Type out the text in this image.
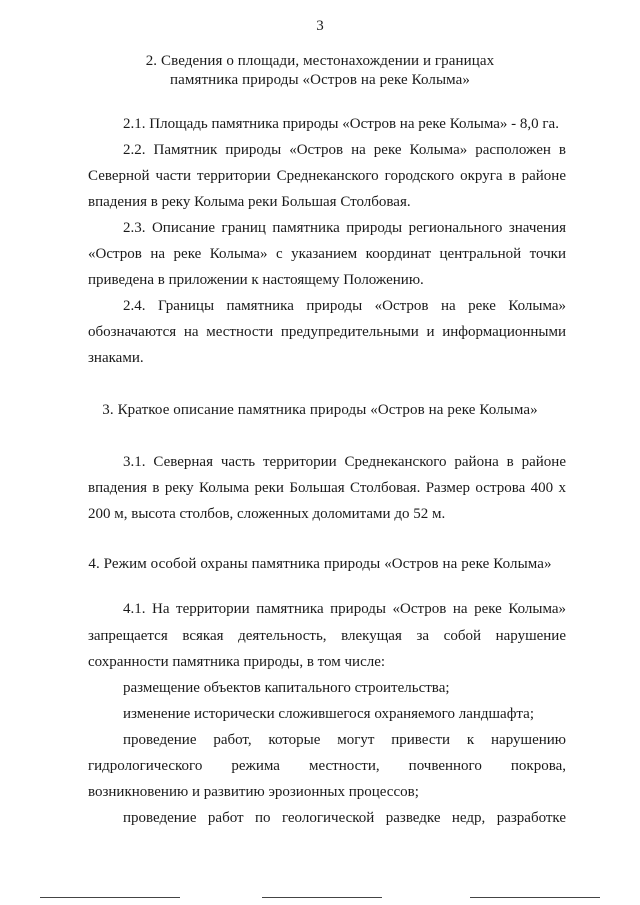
3
2. Сведения о площади, местонахождении и границах
памятника природы «Остров на реке Колыма»
2.1. Площадь памятника природы «Остров на реке Колыма» - 8,0 га.
2.2. Памятник природы «Остров на реке Колыма» расположен в
Северной части территории Среднеканского городского округа в районе
впадения в реку Колыма реки Большая Столбовая.
2.3. Описание границ памятника природы регионального значения
«Остров на реке Колыма» с указанием координат центральной точки
приведена в приложении к настоящему Положению.
2.4. Границы памятника природы «Остров на реке Колыма»
обозначаются на местности предупредительными и информационными
знаками.
3. Краткое описание памятника природы «Остров на реке Колыма»
3.1. Северная часть территории Среднеканского района в районе
впадения в реку Колыма реки Большая Столбовая. Размер острова 400 х
200 м, высота столбов, сложенных доломитами до 52 м.
4. Режим особой охраны памятника природы «Остров на реке Колыма»
4.1. На территории памятника природы «Остров на реке Колыма»
запрещается всякая деятельность, влекущая за собой нарушение
сохранности памятника природы, в том числе:
размещение объектов капитального строительства;
изменение исторически сложившегося охраняемого ландшафта;
проведение работ, которые могут привести к нарушению
гидрологического режима местности, почвенного покрова,
возникновению и развитию эрозионных процессов;
проведение работ по геологической разведке недр, разработке
